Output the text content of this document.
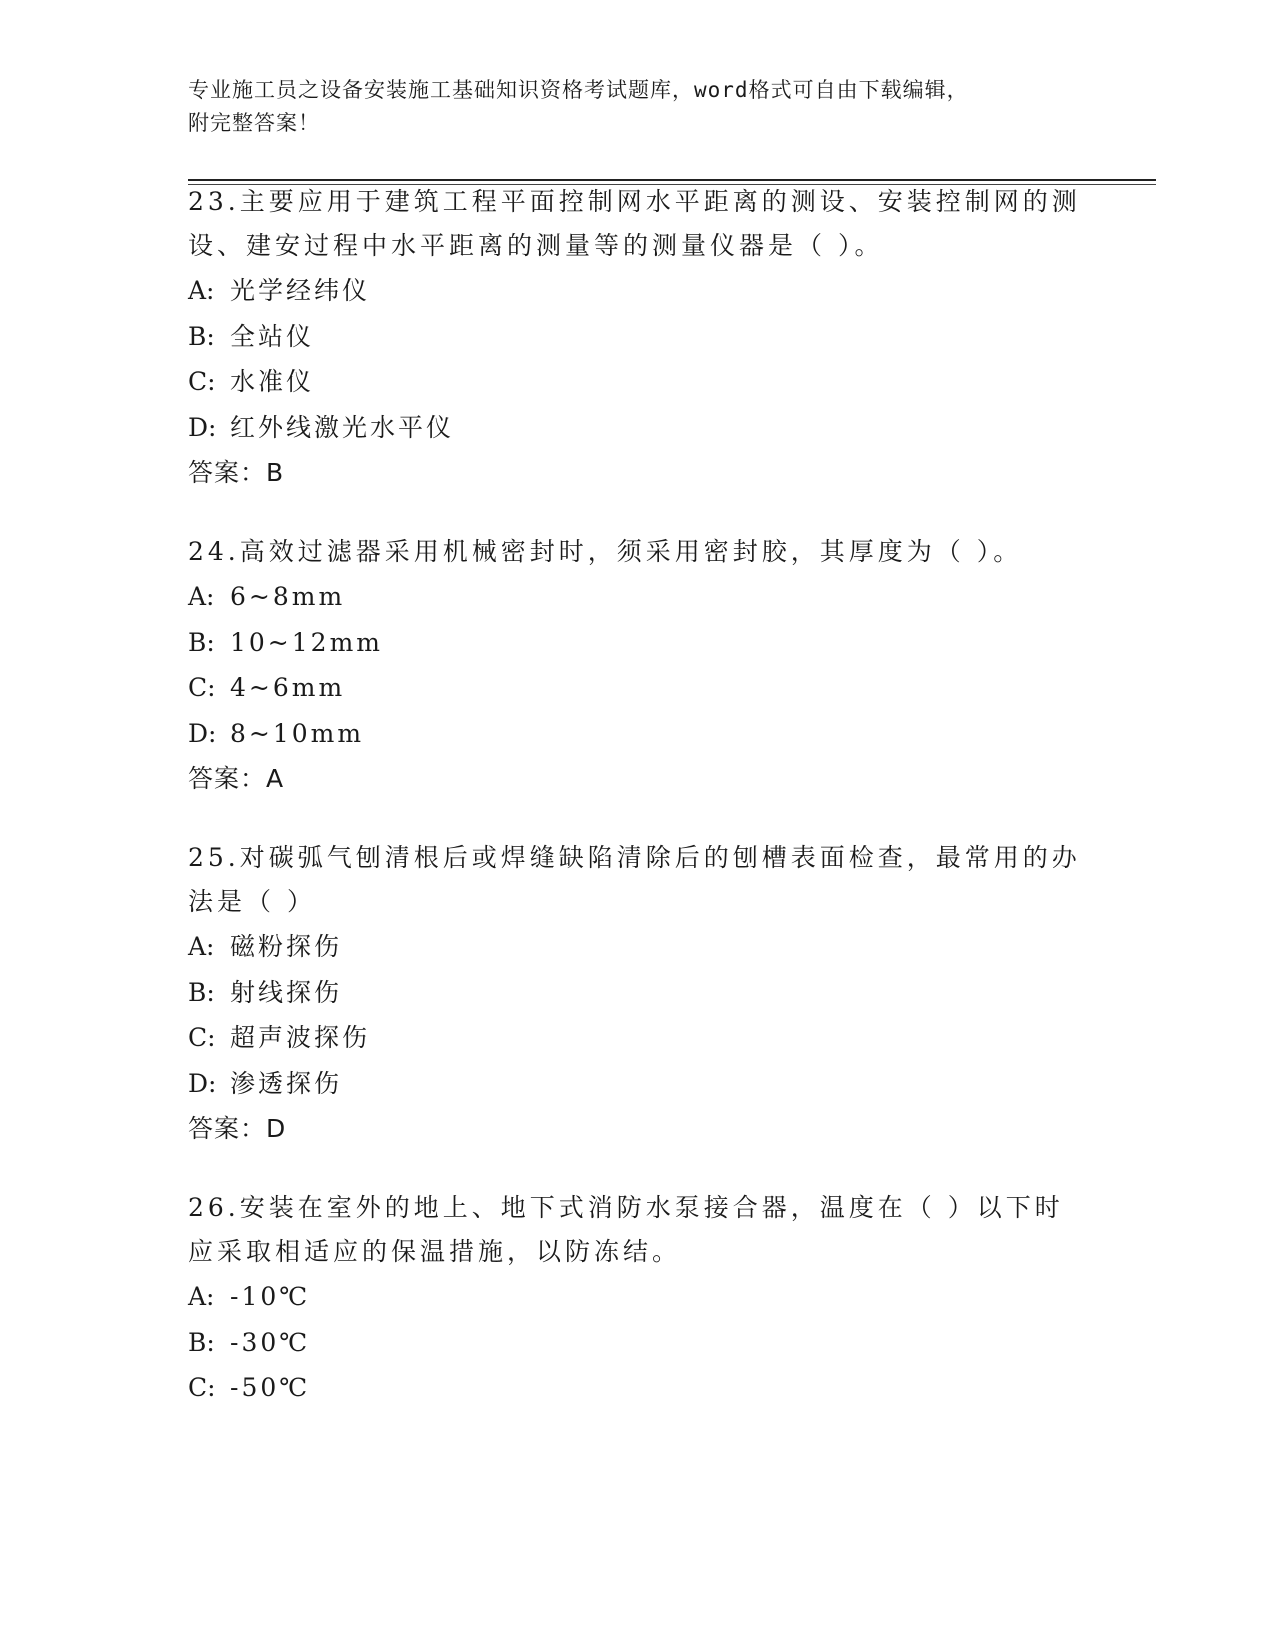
专业施工员之设备安装施工基础知识资格考试题库，word格式可自由下载编辑，
附完整答案！
23.主要应用于建筑工程平面控制网水平距离的测设、安装控制网的测
设、建安过程中水平距离的测量等的测量仪器是（ ）。
A: 光学经纬仪
B: 全站仪
C: 水准仪
D: 红外线激光水平仪
答案：B
24.高效过滤器采用机械密封时，须采用密封胶，其厚度为（ ）。
A: 6~8mm
B: 10~12mm
C: 4~6mm
D: 8~10mm
答案：A
25.对碳弧气刨清根后或焊缝缺陷清除后的刨槽表面检查，最常用的办
法是（ ）
A: 磁粉探伤
B: 射线探伤
C: 超声波探伤
D: 渗透探伤
答案：D
26.安装在室外的地上、地下式消防水泵接合器，温度在（ ）以下时
应采取相适应的保温措施，以防冻结。
A: -10℃
B: -30℃
C: -50℃
